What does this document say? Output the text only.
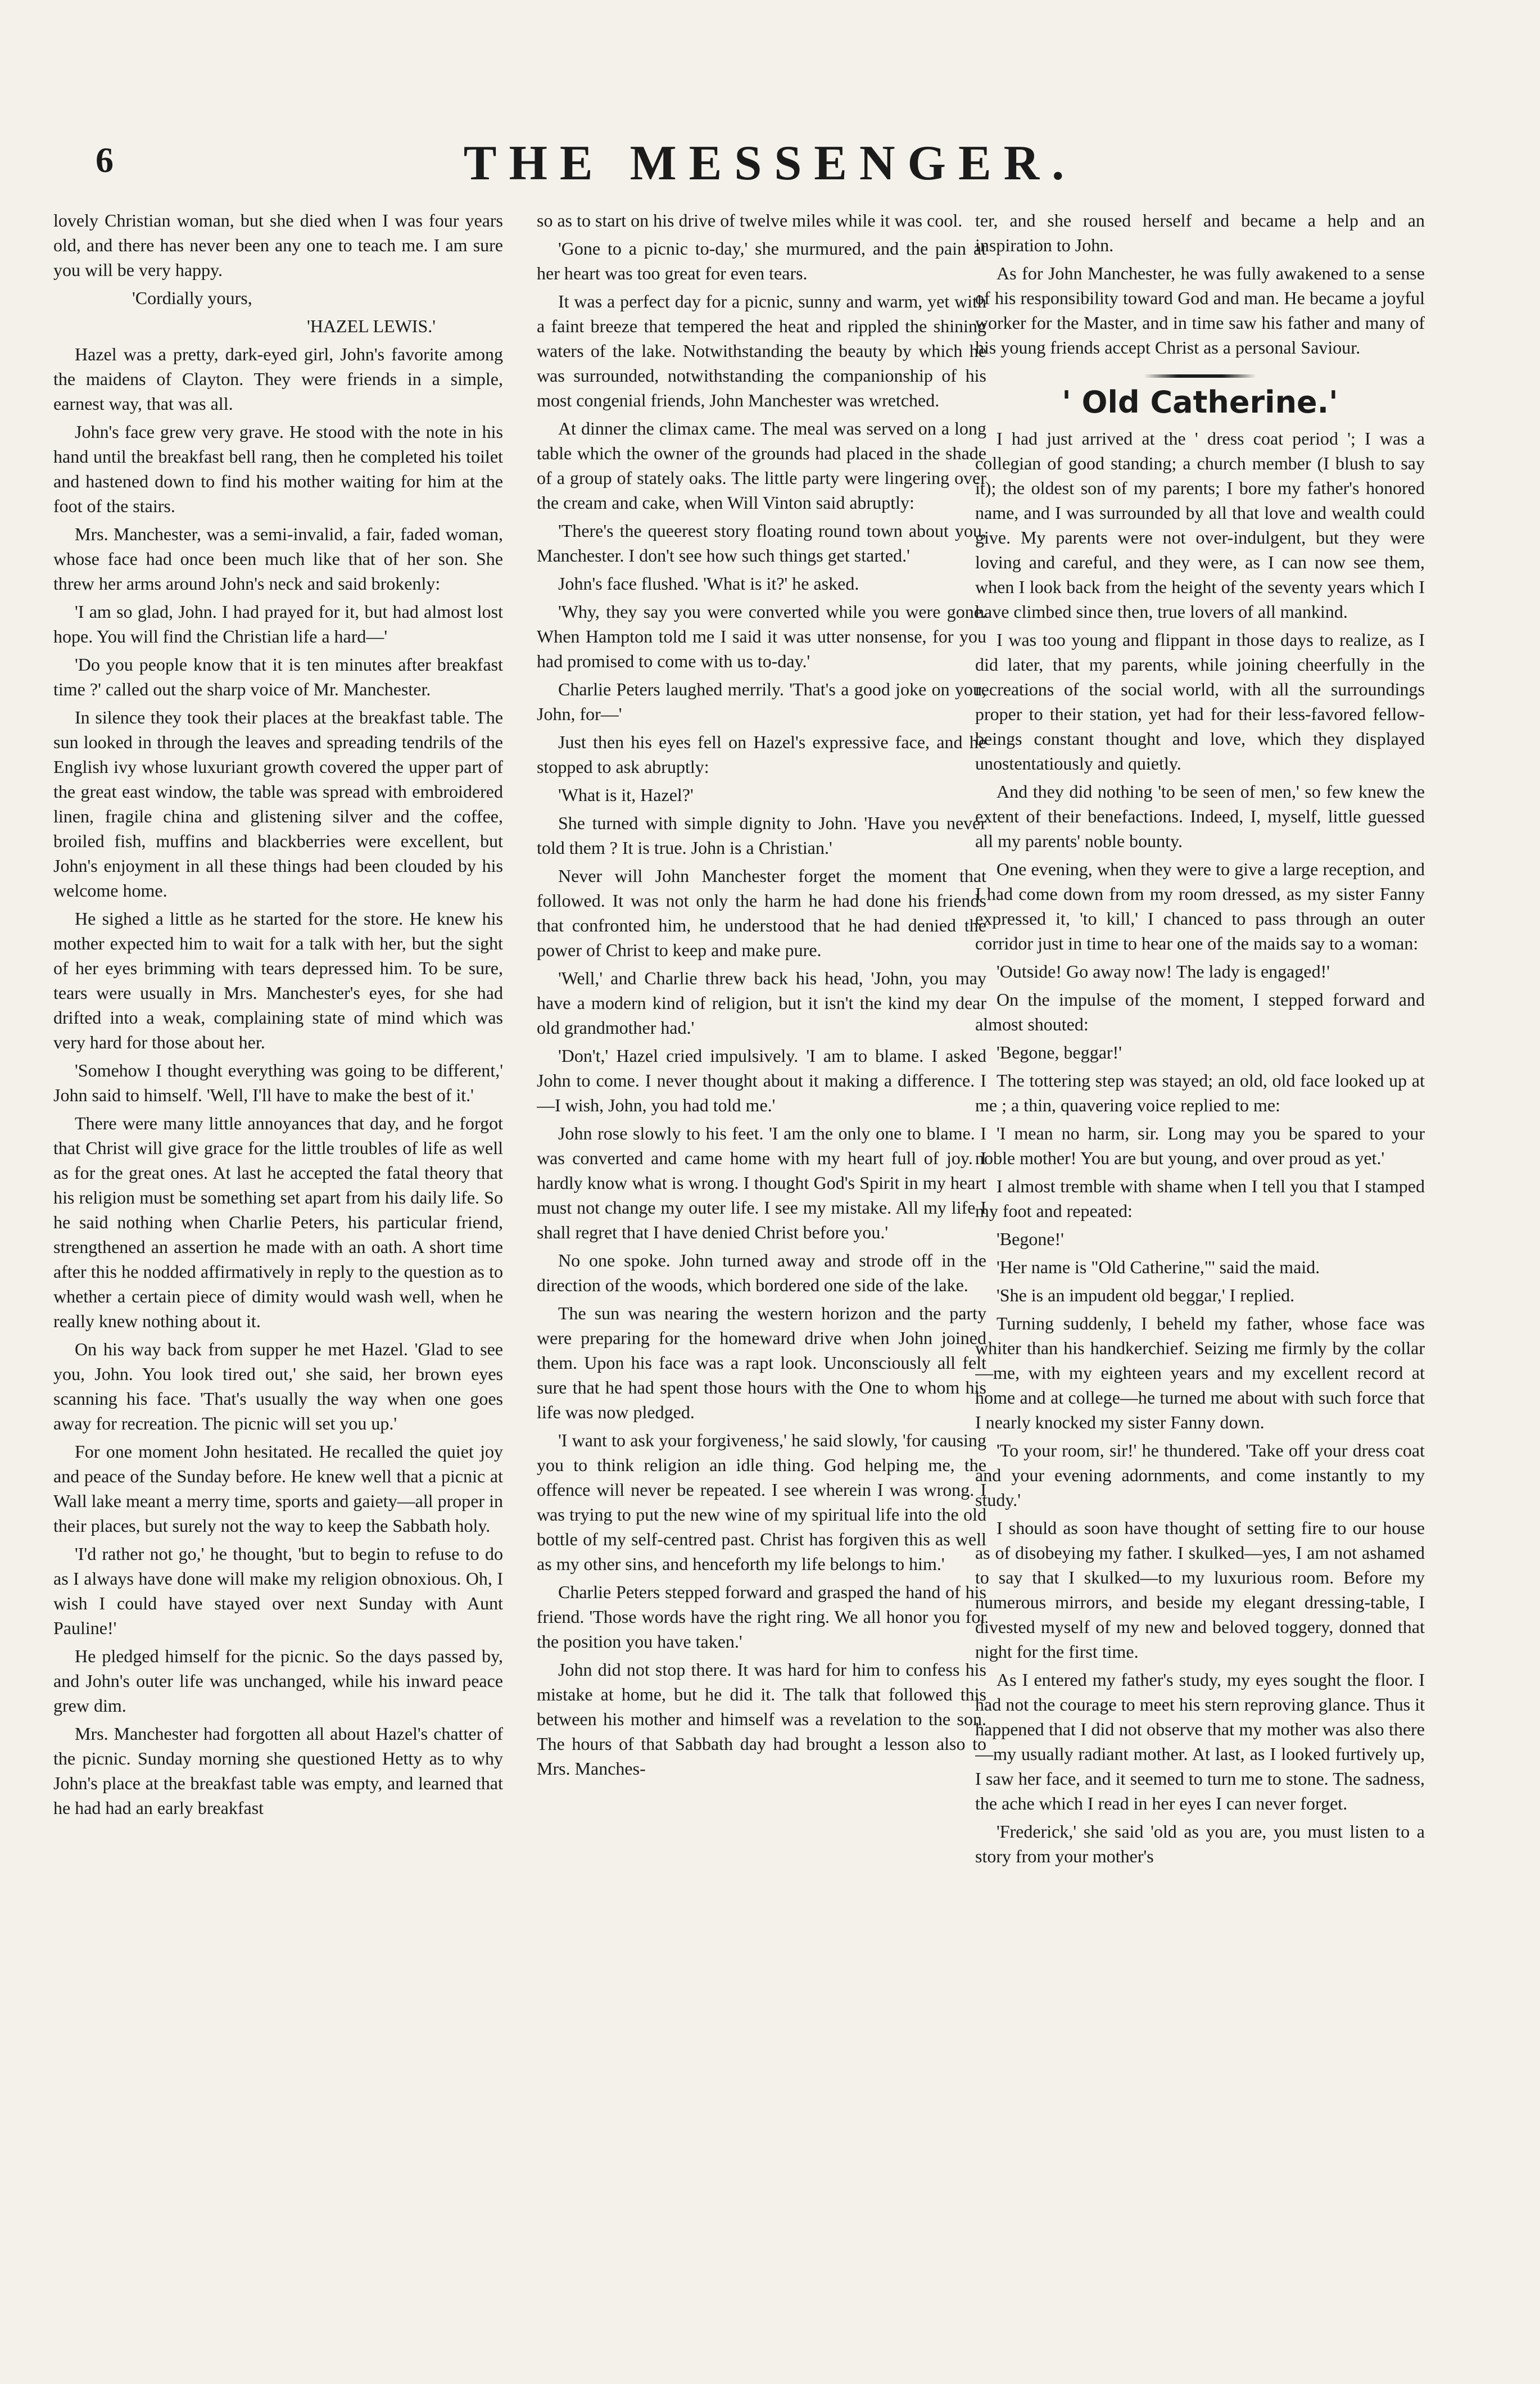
6	THE MESSENGER.

lovely Christian woman, but she died when I was four years old, and there has never been any one to teach me. I am sure you will be very happy.

'Cordially yours,

'HAZEL LEWIS.'

Hazel was a pretty, dark-eyed girl, John's favorite among the maidens of Clayton. They were friends in a simple, earnest way, that was all.

John's face grew very grave. He stood with the note in his hand until the breakfast bell rang, then he completed his toilet and hastened down to find his mother waiting for him at the foot of the stairs.

Mrs. Manchester, was a semi-invalid, a fair, faded woman, whose face had once been much like that of her son. She threw her arms around John's neck and said brokenly:

'I am so glad, John. I had prayed for it, but had almost lost hope. You will find the Christian life a hard—'

'Do you people know that it is ten minutes after breakfast time ?' called out the sharp voice of Mr. Manchester.

In silence they took their places at the breakfast table. The sun looked in through the leaves and spreading tendrils of the English ivy whose luxuriant growth covered the upper part of the great east window, the table was spread with embroidered linen, fragile china and glistening silver and the coffee, broiled fish, muffins and blackberries were excellent, but John's enjoyment in all these things had been clouded by his welcome home.

He sighed a little as he started for the store. He knew his mother expected him to wait for a talk with her, but the sight of her eyes brimming with tears depressed him. To be sure, tears were usually in Mrs. Manchester's eyes, for she had drifted into a weak, complaining state of mind which was very hard for those about her.

'Somehow I thought everything was going to be different,' John said to himself. 'Well, I'll have to make the best of it.'

There were many little annoyances that day, and he forgot that Christ will give grace for the little troubles of life as well as for the great ones. At last he accepted the fatal theory that his religion must be something set apart from his daily life. So he said nothing when Charlie Peters, his particular friend, strengthened an assertion he made with an oath. A short time after this he nodded affirmatively in reply to the question as to whether a certain piece of dimity would wash well, when he really knew nothing about it.

On his way back from supper he met Hazel. 'Glad to see you, John. You look tired out,' she said, her brown eyes scanning his face. 'That's usually the way when one goes away for recreation. The picnic will set you up.'

For one moment John hesitated. He recalled the quiet joy and peace of the Sunday before. He knew well that a picnic at Wall lake meant a merry time, sports and gaiety—all proper in their places, but surely not the way to keep the Sabbath holy.

'I'd rather not go,' he thought, 'but to begin to refuse to do as I always have done will make my religion obnoxious. Oh, I wish I could have stayed over next Sunday with Aunt Pauline!'

He pledged himself for the picnic. So the days passed by, and John's outer life was unchanged, while his inward peace grew dim.

Mrs. Manchester had forgotten all about Hazel's chatter of the picnic. Sunday morning she questioned Hetty as to why John's place at the breakfast table was empty, and learned that he had had an early breakfast

so as to start on his drive of twelve miles while it was cool.

'Gone to a picnic to-day,' she murmured, and the pain at her heart was too great for even tears.

It was a perfect day for a picnic, sunny and warm, yet with a faint breeze that tempered the heat and rippled the shining waters of the lake. Notwithstanding the beauty by which he was surrounded, notwithstanding the companionship of his most congenial friends, John Manchester was wretched.

At dinner the climax came. The meal was served on a long table which the owner of the grounds had placed in the shade of a group of stately oaks. The little party were lingering over the cream and cake, when Will Vinton said abruptly:

'There's the queerest story floating round town about you, Manchester. I don't see how such things get started.'

John's face flushed. 'What is it?' he asked.

'Why, they say you were converted while you were gone. When Hampton told me I said it was utter nonsense, for you had promised to come with us to-day.'

Charlie Peters laughed merrily. 'That's a good joke on you, John, for—'

Just then his eyes fell on Hazel's expressive face, and he stopped to ask abruptly:

'What is it, Hazel?'

She turned with simple dignity to John. 'Have you never told them ? It is true. John is a Christian.'

Never will John Manchester forget the moment that followed. It was not only the harm he had done his friends that confronted him, he understood that he had denied the power of Christ to keep and make pure.

'Well,' and Charlie threw back his head, 'John, you may have a modern kind of religion, but it isn't the kind my dear old grandmother had.'

'Don't,' Hazel cried impulsively. 'I am to blame. I asked John to come. I never thought about it making a difference. I—I wish, John, you had told me.'

John rose slowly to his feet. 'I am the only one to blame. I was converted and came home with my heart full of joy. I hardly know what is wrong. I thought God's Spirit in my heart must not change my outer life. I see my mistake. All my life I shall regret that I have denied Christ before you.'

No one spoke. John turned away and strode off in the direction of the woods, which bordered one side of the lake.

The sun was nearing the western horizon and the party were preparing for the homeward drive when John joined them. Upon his face was a rapt look. Unconsciously all felt sure that he had spent those hours with the One to whom his life was now pledged.

'I want to ask your forgiveness,' he said slowly, 'for causing you to think religion an idle thing. God helping me, the offence will never be repeated. I see wherein I was wrong. I was trying to put the new wine of my spiritual life into the old bottle of my self-centred past. Christ has forgiven this as well as my other sins, and henceforth my life belongs to him.'

Charlie Peters stepped forward and grasped the hand of his friend. 'Those words have the right ring. We all honor you for the position you have taken.'

John did not stop there. It was hard for him to confess his mistake at home, but he did it. The talk that followed this between his mother and himself was a revelation to the son. The hours of that Sabbath day had brought a lesson also to Mrs. Manches-

ter, and she roused herself and became a help and an inspiration to John.

As for John Manchester, he was fully awakened to a sense of his responsibility toward God and man. He became a joyful worker for the Master, and in time saw his father and many of his young friends accept Christ as a personal Saviour.

' Old Catherine.'

I had just arrived at the ' dress coat period '; I was a collegian of good standing; a church member (I blush to say it); the oldest son of my parents; I bore my father's honored name, and I was surrounded by all that love and wealth could give. My parents were not over-indulgent, but they were loving and careful, and they were, as I can now see them, when I look back from the height of the seventy years which I have climbed since then, true lovers of all mankind.

I was too young and flippant in those days to realize, as I did later, that my parents, while joining cheerfully in the recreations of the social world, with all the surroundings proper to their station, yet had for their less-favored fellow-beings constant thought and love, which they displayed unostentatiously and quietly.

And they did nothing 'to be seen of men,' so few knew the extent of their benefactions. Indeed, I, myself, little guessed all my parents' noble bounty.

One evening, when they were to give a large reception, and I had come down from my room dressed, as my sister Fanny expressed it, 'to kill,' I chanced to pass through an outer corridor just in time to hear one of the maids say to a woman:

'Outside! Go away now! The lady is engaged!'

On the impulse of the moment, I stepped forward and almost shouted:

'Begone, beggar!'

The tottering step was stayed; an old, old face looked up at me ; a thin, quavering voice replied to me:

'I mean no harm, sir. Long may you be spared to your noble mother! You are but young, and over proud as yet.'

I almost tremble with shame when I tell you that I stamped my foot and repeated:

'Begone!'

'Her name is "Old Catherine,"' said the maid.

'She is an impudent old beggar,' I replied.

Turning suddenly, I beheld my father, whose face was whiter than his handkerchief. Seizing me firmly by the collar—me, with my eighteen years and my excellent record at home and at college—he turned me about with such force that I nearly knocked my sister Fanny down.

'To your room, sir!' he thundered. 'Take off your dress coat and your evening adornments, and come instantly to my study.'

I should as soon have thought of setting fire to our house as of disobeying my father. I skulked—yes, I am not ashamed to say that I skulked—to my luxurious room. Before my numerous mirrors, and beside my elegant dressing-table, I divested myself of my new and beloved toggery, donned that night for the first time.

As I entered my father's study, my eyes sought the floor. I had not the courage to meet his stern reproving glance. Thus it happened that I did not observe that my mother was also there—my usually radiant mother. At last, as I looked furtively up, I saw her face, and it seemed to turn me to stone. The sadness, the ache which I read in her eyes I can never forget.

'Frederick,' she said 'old as you are, you must listen to a story from your mother's
